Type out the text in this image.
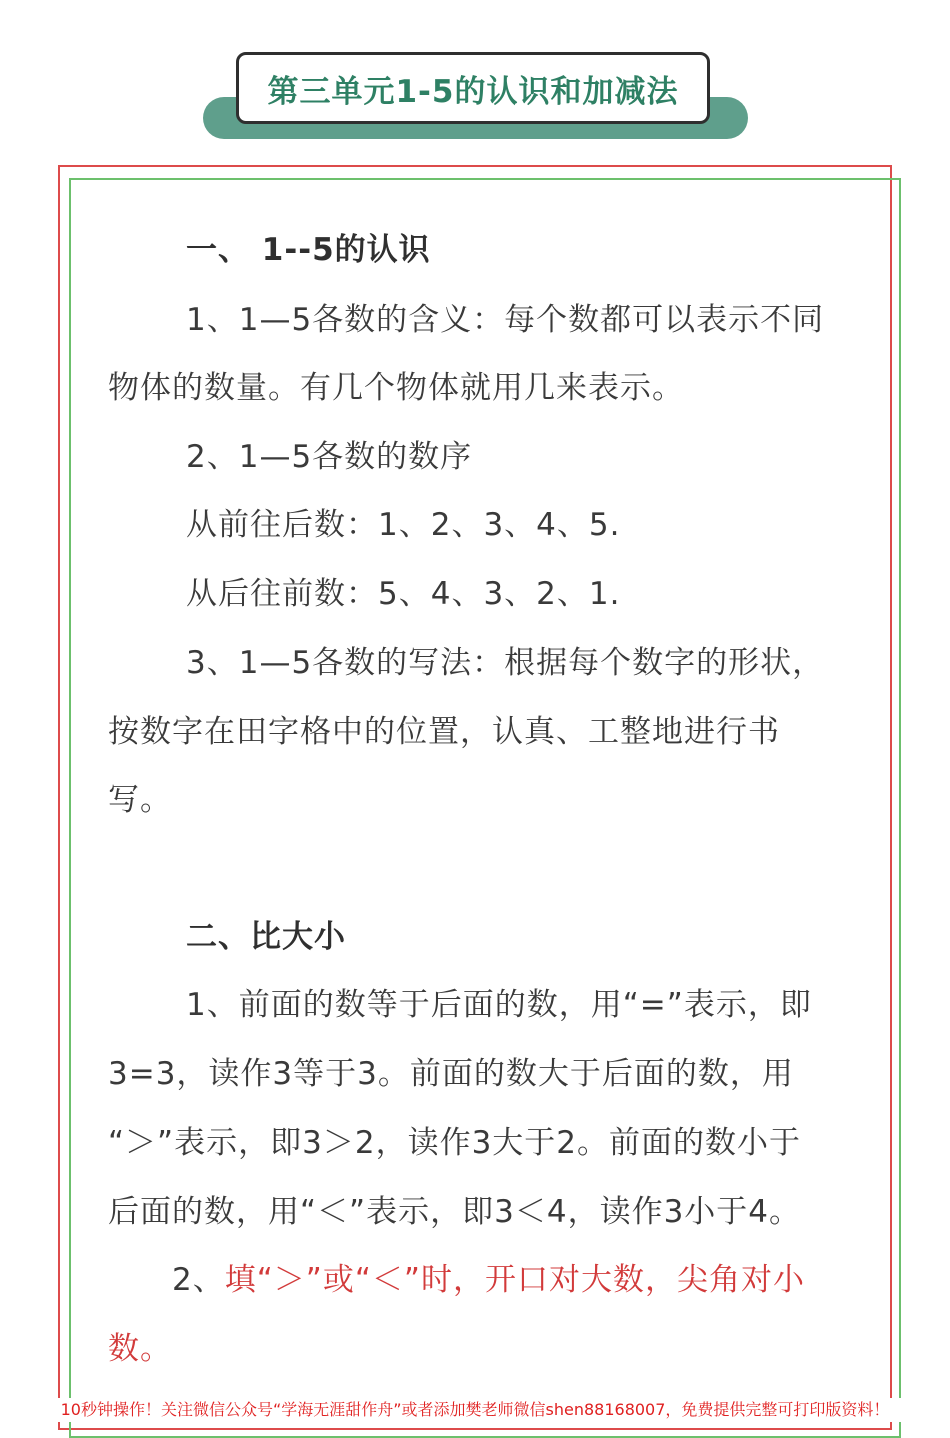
第三单元1-5的认识和加减法
一、 1--5的认识
1、1—5各数的含义：每个数都可以表示不同
物体的数量。有几个物体就用几来表示。
2、1—5各数的数序
从前往后数：1、2、3、4、5.
从后往前数：5、4、3、2、1.
3、1—5各数的写法：根据每个数字的形状，
按数字在田字格中的位置，认真、工整地进行书
写。
二、比大小
1、前面的数等于后面的数，用“=”表示，即
3=3，读作3等于3。前面的数大于后面的数，用
“＞”表示，即3＞2，读作3大于2。前面的数小于
后面的数，用“＜”表示，即3＜4，读作3小于4。
2、填“＞”或“＜”时，开口对大数，尖角对小
数。
10秒钟操作！关注微信公众号“学海无涯甜作舟”或者添加樊老师微信shen88168007，免费提供完整可打印版资料！
